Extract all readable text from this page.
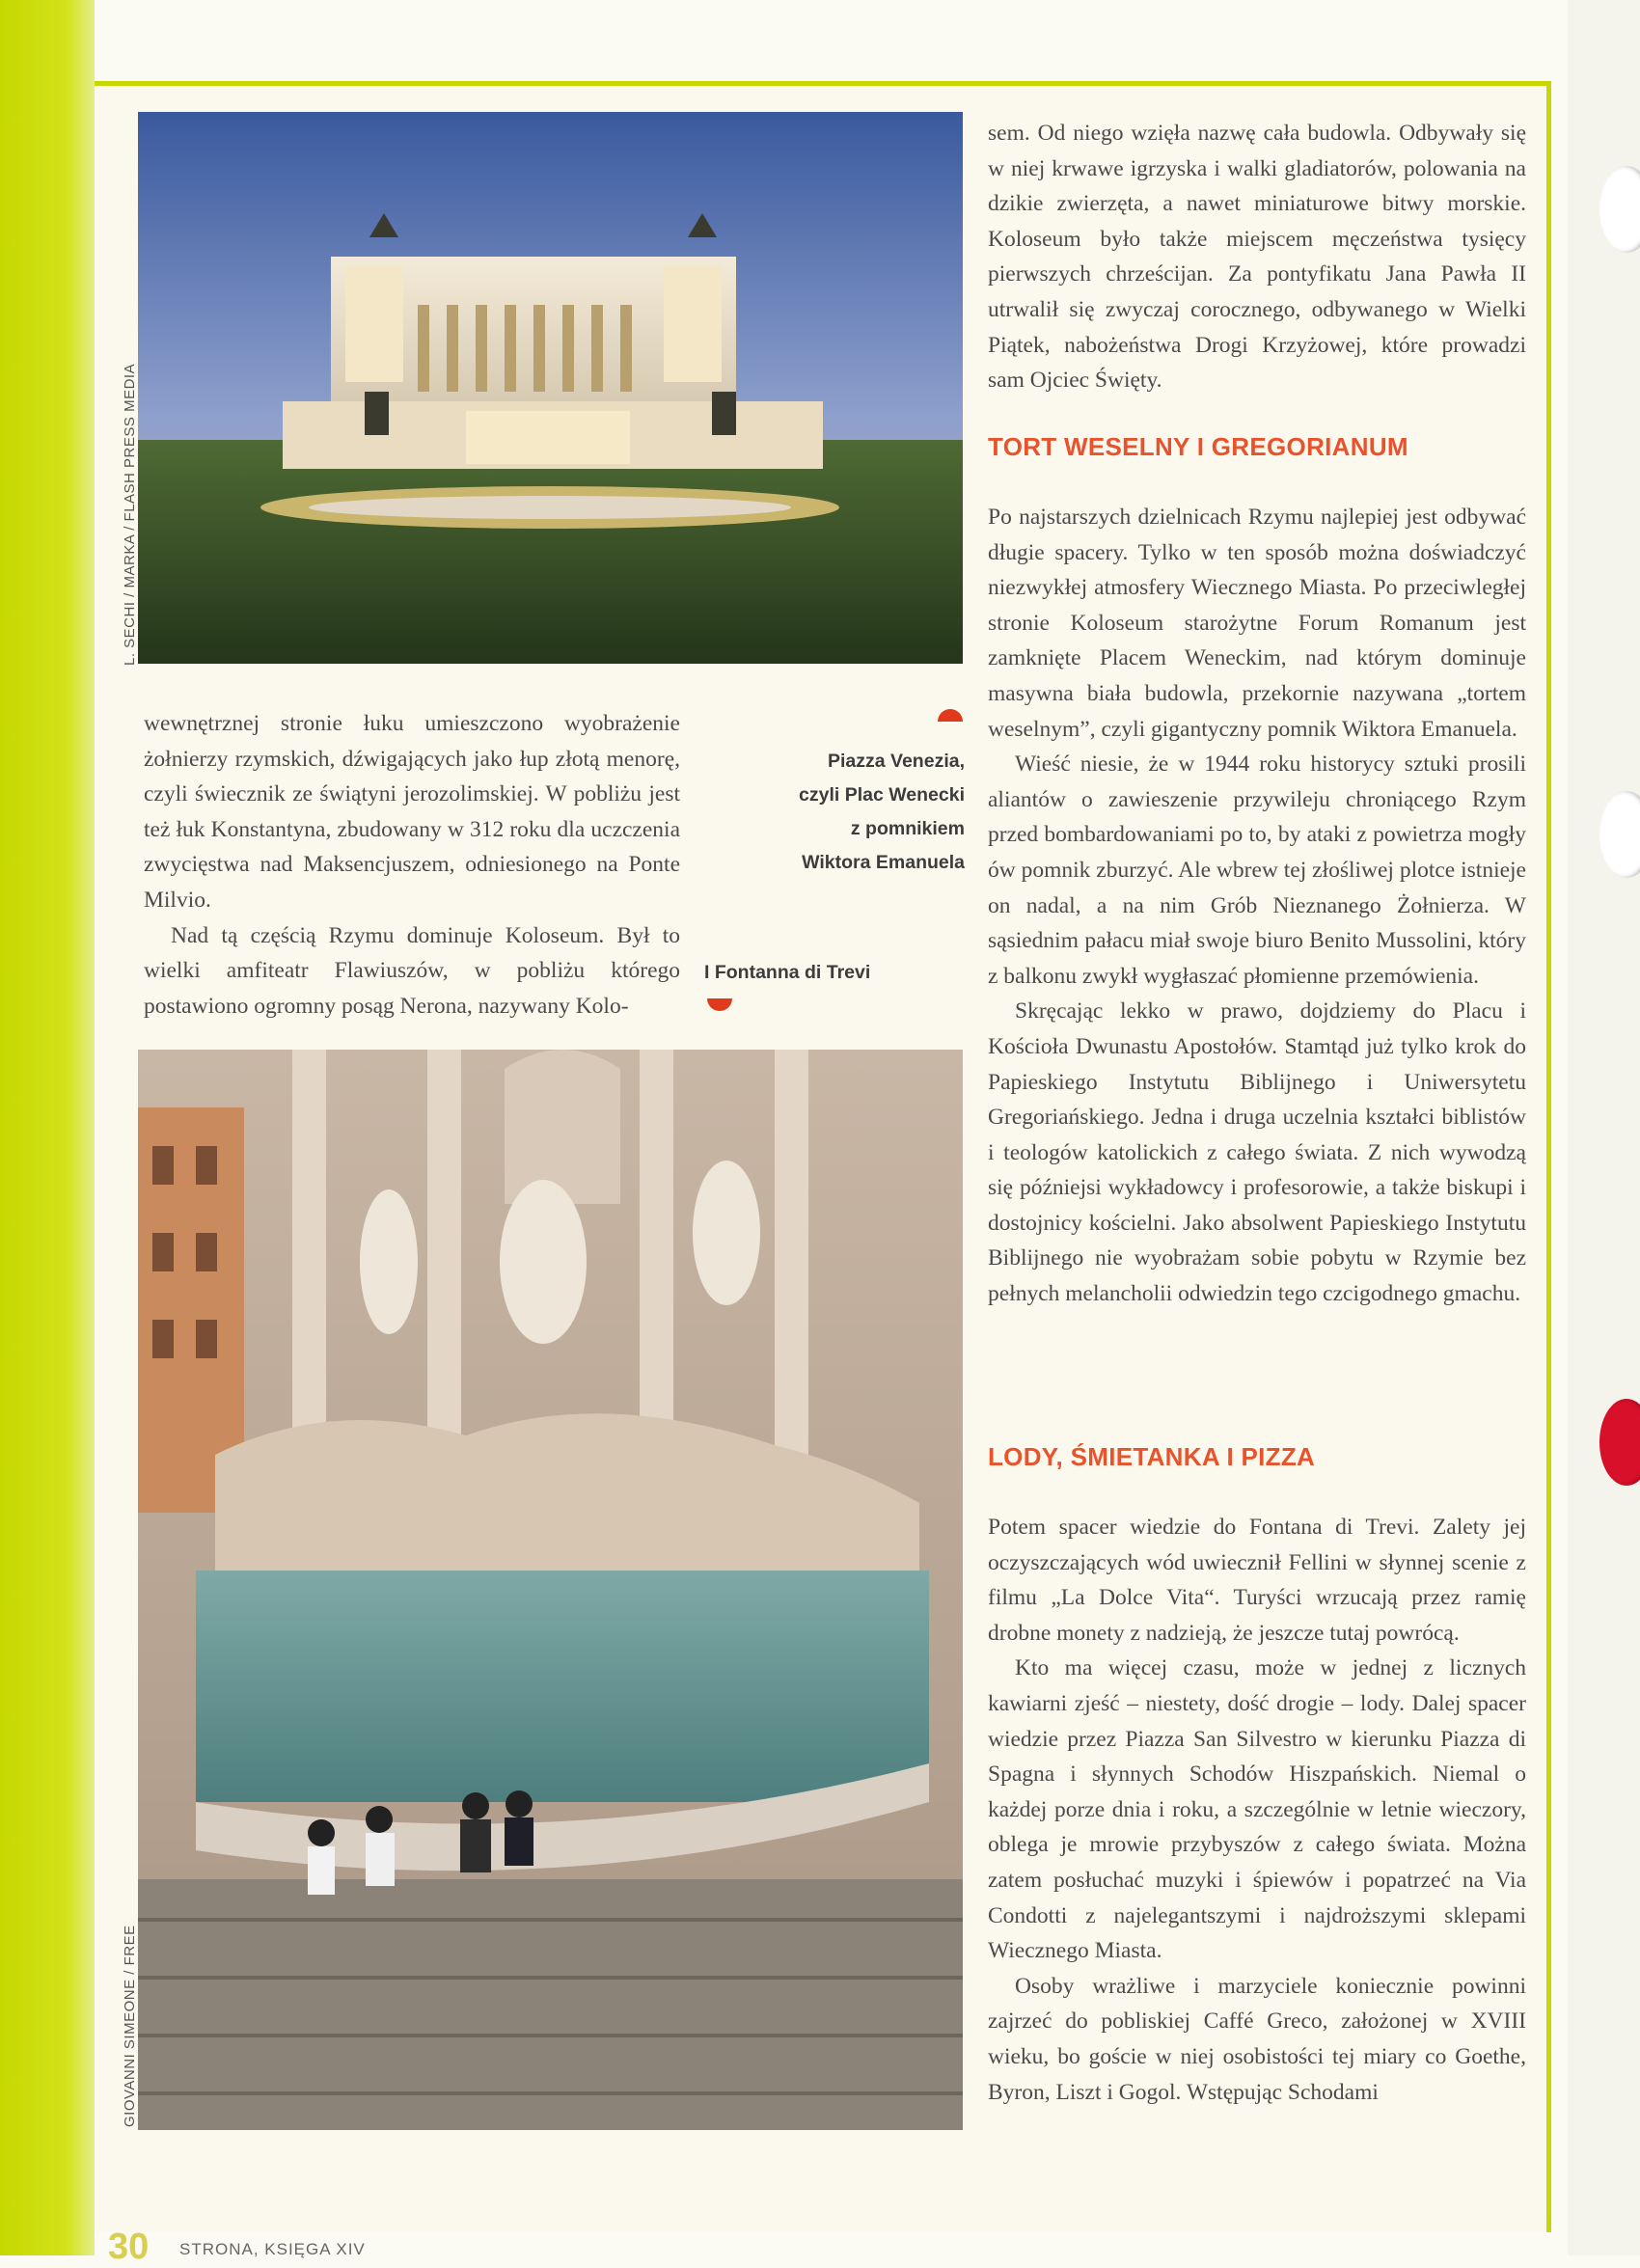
L. SECHI / MARKA / FLASH PRESS MEDIA

wewnętrznej stronie łuku umieszczono wyobrażenie żołnierzy rzymskich, dźwigających jako łup złotą menorę, czyli świecznik ze świątyni jerozolimskiej. W pobliżu jest też łuk Konstantyna, zbudowany w 312 roku dla uczczenia zwycięstwa nad Maksencjuszem, odniesionego na Ponte Milvio.

Nad tą częścią Rzymu dominuje Koloseum. Był to wielki amfiteatr Flawiuszów, w pobliżu którego postawiono ogromny posąg Nerona, nazywany Kolo-

Piazza Venezia,
czyli Plac Wenecki
z pomnikiem
Wiktora Emanuela
I Fontanna di Trevi
GIOVANNI SIMEONE / FREE

sem. Od niego wzięła nazwę cała budowla. Odbywały się w niej krwawe igrzyska i walki gladiatorów, polowania na dzikie zwierzęta, a nawet miniaturowe bitwy morskie. Koloseum było także miejscem męczeństwa tysięcy pierwszych chrześcijan. Za pontyfikatu Jana Pawła II utrwalił się zwyczaj corocznego, odbywanego w Wielki Piątek, nabożeństwa Drogi Krzyżowej, które prowadzi sam Ojciec Święty.

TORT WESELNY I GREGORIANUM

Po najstarszych dzielnicach Rzymu najlepiej jest odbywać długie spacery. Tylko w ten sposób można doświadczyć niezwykłej atmosfery Wiecznego Miasta. Po przeciwległej stronie Koloseum starożytne Forum Romanum jest zamknięte Placem Weneckim, nad którym dominuje masywna biała budowla, przekornie nazywana „tortem weselnym”, czyli gigantyczny pomnik Wiktora Emanuela.

Wieść niesie, że w 1944 roku historycy sztuki prosili aliantów o zawieszenie przywileju chroniącego Rzym przed bombardowaniami po to, by ataki z powietrza mogły ów pomnik zburzyć. Ale wbrew tej złośliwej plotce istnieje on nadal, a na nim Grób Nieznanego Żołnierza. W sąsiednim pałacu miał swoje biuro Benito Mussolini, który z balkonu zwykł wygłaszać płomienne przemówienia.

Skręcając lekko w prawo, dojdziemy do Placu i Kościoła Dwunastu Apostołów. Stamtąd już tylko krok do Papieskiego Instytutu Biblijnego i Uniwersytetu Gregoriańskiego. Jedna i druga uczelnia kształci biblistów i teologów katolickich z całego świata. Z nich wywodzą się późniejsi wykładowcy i profesorowie, a także biskupi i dostojnicy kościelni. Jako absolwent Papieskiego Instytutu Biblijnego nie wyobrażam sobie pobytu w Rzymie bez pełnych melancholii odwiedzin tego czcigodnego gmachu.

LODY, ŚMIETANKA I PIZZA

Potem spacer wiedzie do Fontana di Trevi. Zalety jej oczyszczających wód uwiecznił Fellini w słynnej scenie z filmu „La Dolce Vita“. Turyści wrzucają przez ramię drobne monety z nadzieją, że jeszcze tutaj powrócą.

Kto ma więcej czasu, może w jednej z licznych kawiarni zjeść – niestety, dość drogie – lody. Dalej spacer wiedzie przez Piazza San Silvestro w kierunku Piazza di Spagna i słynnych Schodów Hiszpańskich. Niemal o każdej porze dnia i roku, a szczególnie w letnie wieczory, oblega je mrowie przybyszów z całego świata. Można zatem posłuchać muzyki i śpiewów i popatrzeć na Via Condotti z najelegantszymi i najdroższymi sklepami Wiecznego Miasta.

Osoby wrażliwe i marzyciele koniecznie powinni zajrzeć do pobliskiej Caffé Greco, założonej w XVIII wieku, bo goście w niej osobistości tej miary co Goethe, Byron, Liszt i Gogol. Wstępując Schodami

30 STRONA, KSIĘGA XIV
